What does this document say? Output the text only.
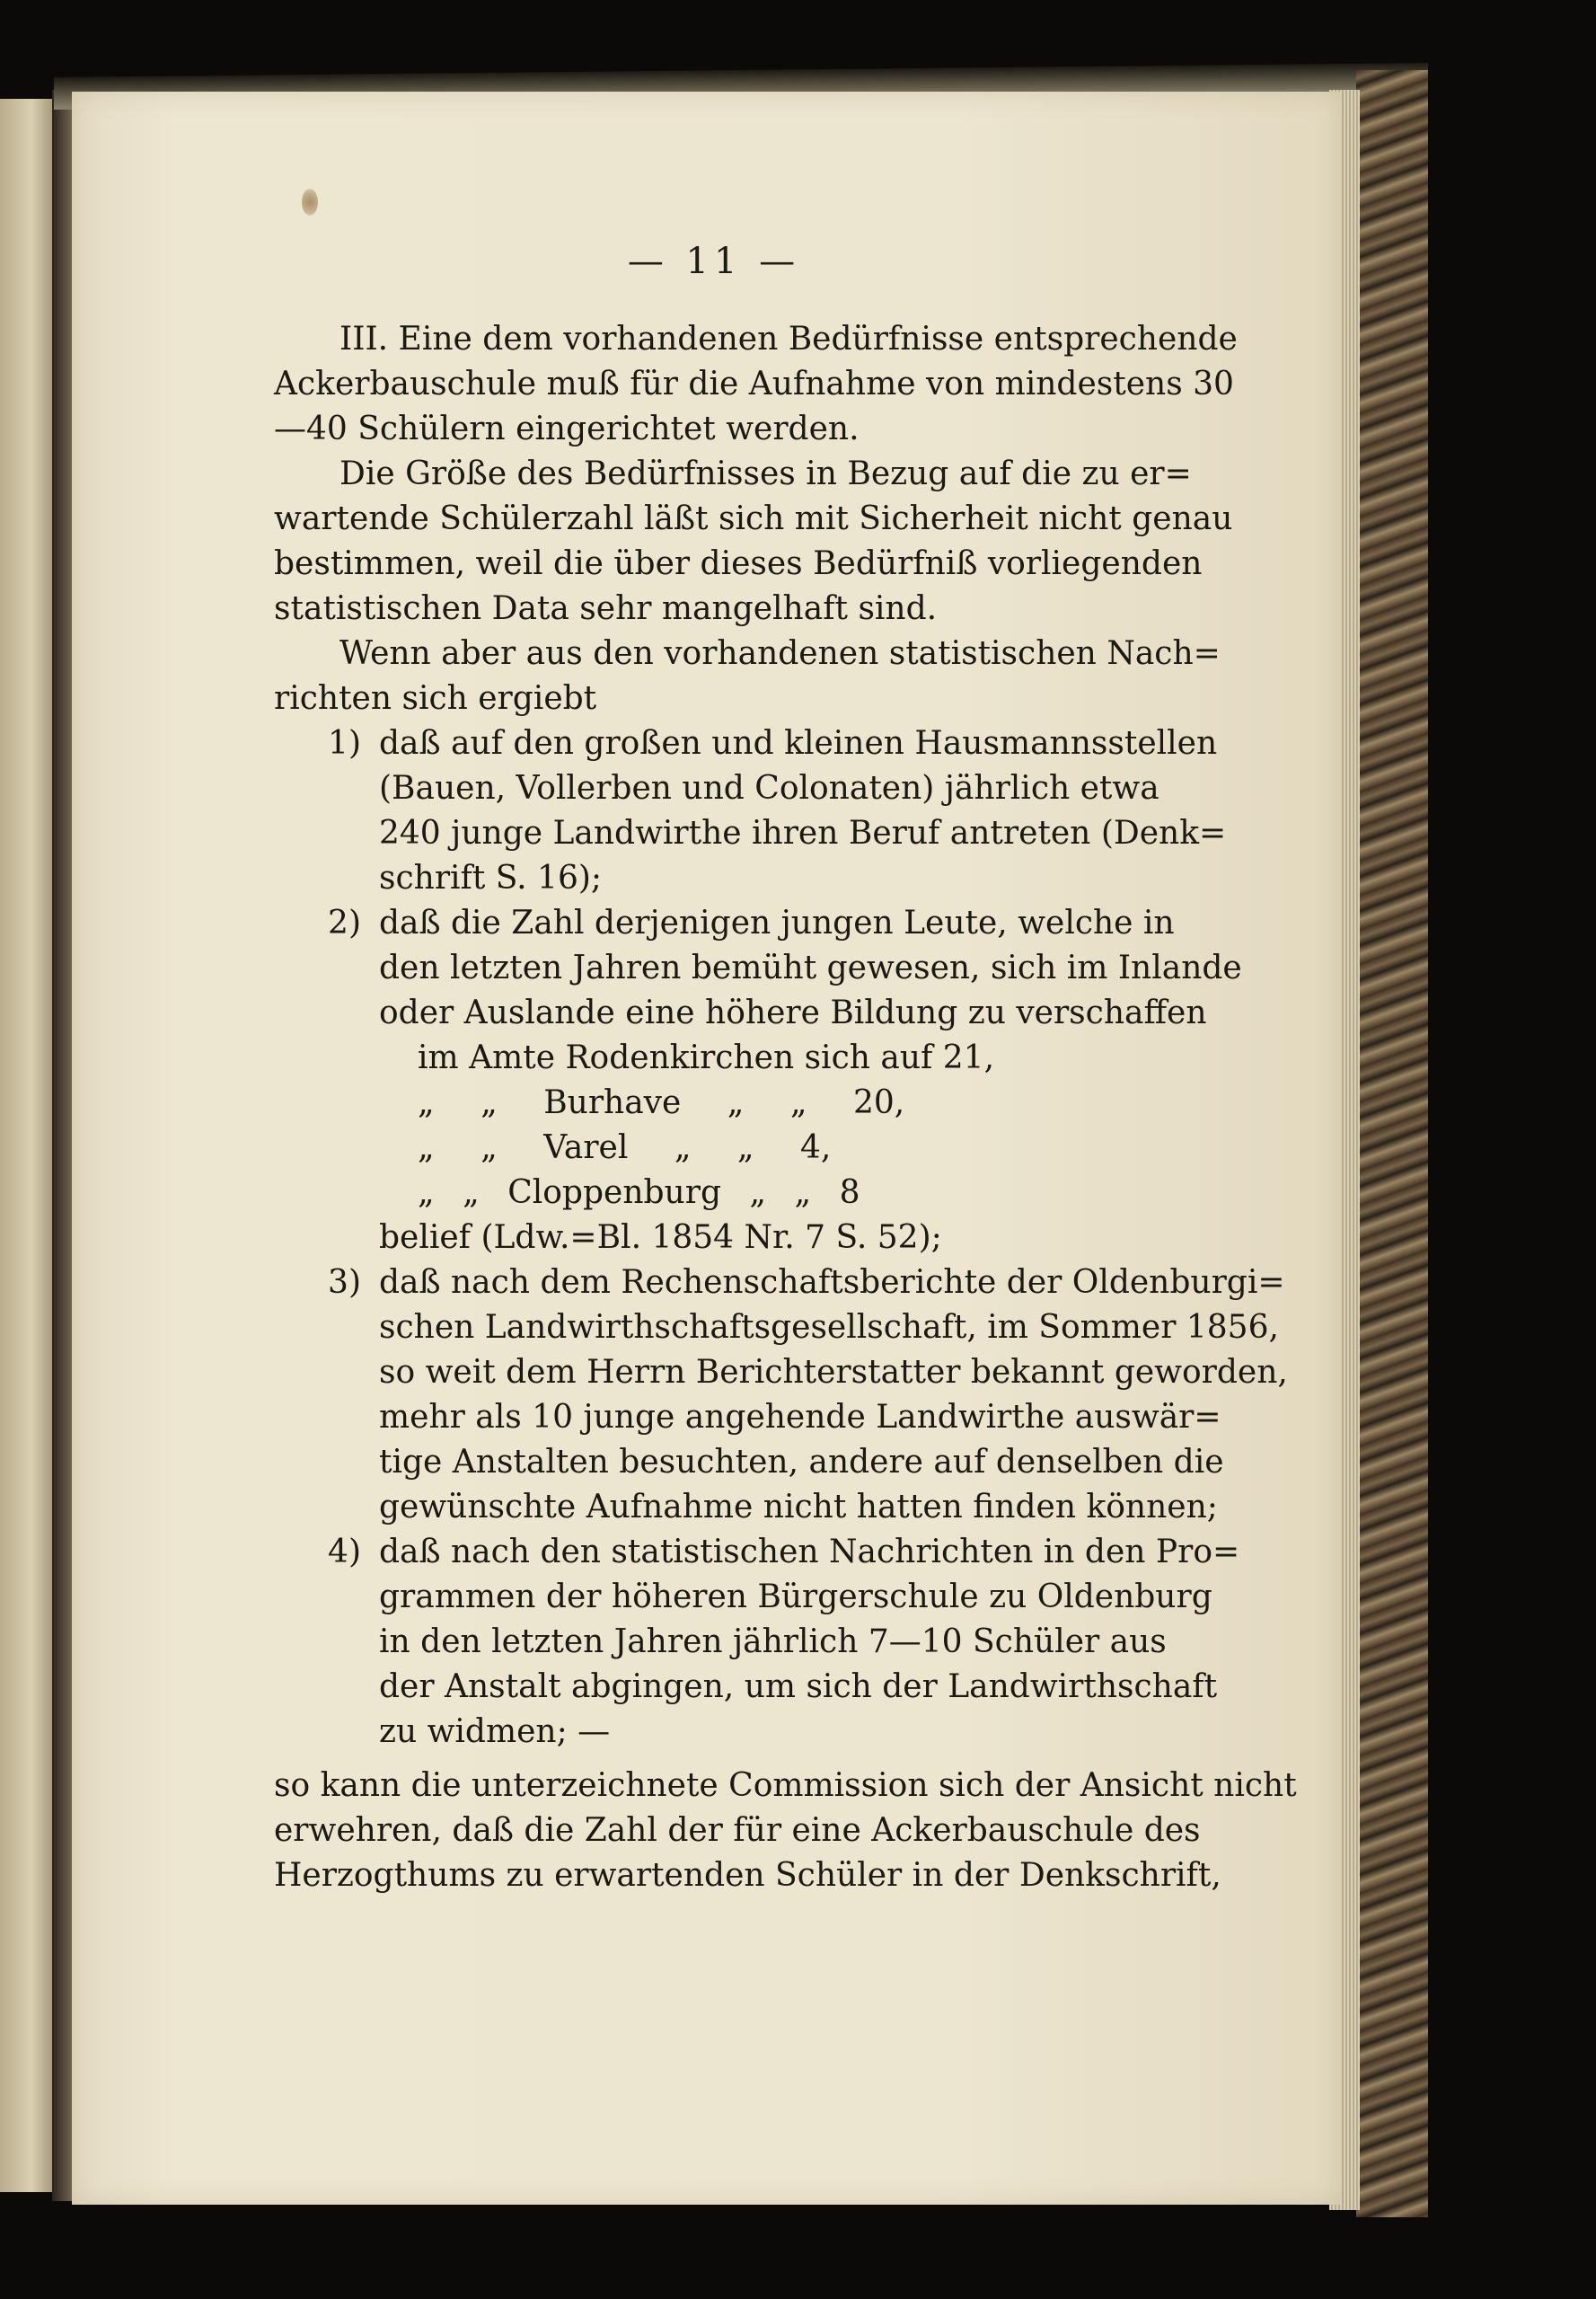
— 11 —
III. Eine dem vorhandenen Bedürfnisse entsprechende
Ackerbauschule muß für die Aufnahme von mindestens 30
—40 Schülern eingerichtet werden.
Die Größe des Bedürfnisses in Bezug auf die zu er=
wartende Schülerzahl läßt sich mit Sicherheit nicht genau
bestimmen, weil die über dieses Bedürfniß vorliegenden
statistischen Data sehr mangelhaft sind.
Wenn aber aus den vorhandenen statistischen Nach=
richten sich ergiebt
1) daß auf den großen und kleinen Hausmannsstellen
(Bauen, Vollerben und Colonaten) jährlich etwa
240 junge Landwirthe ihren Beruf antreten (Denk=
schrift S. 16);
2) daß die Zahl derjenigen jungen Leute, welche in
den letzten Jahren bemüht gewesen, sich im Inlande
oder Auslande eine höhere Bildung zu verschaffen
im Amte Rodenkirchen sich auf 21,
„ „ Burhave „ „ 20,
„ „ Varel „ „ 4,
„ „ Cloppenburg „ „ 8
belief (Ldw.=Bl. 1854 Nr. 7 S. 52);
3) daß nach dem Rechenschaftsberichte der Oldenburgi=
schen Landwirthschaftsgesellschaft, im Sommer 1856,
so weit dem Herrn Berichterstatter bekannt geworden,
mehr als 10 junge angehende Landwirthe auswär=
tige Anstalten besuchten, andere auf denselben die
gewünschte Aufnahme nicht hatten finden können;
4) daß nach den statistischen Nachrichten in den Pro=
grammen der höheren Bürgerschule zu Oldenburg
in den letzten Jahren jährlich 7—10 Schüler aus
der Anstalt abgingen, um sich der Landwirthschaft
zu widmen; —
so kann die unterzeichnete Commission sich der Ansicht nicht
erwehren, daß die Zahl der für eine Ackerbauschule des
Herzogthums zu erwartenden Schüler in der Denkschrift,
